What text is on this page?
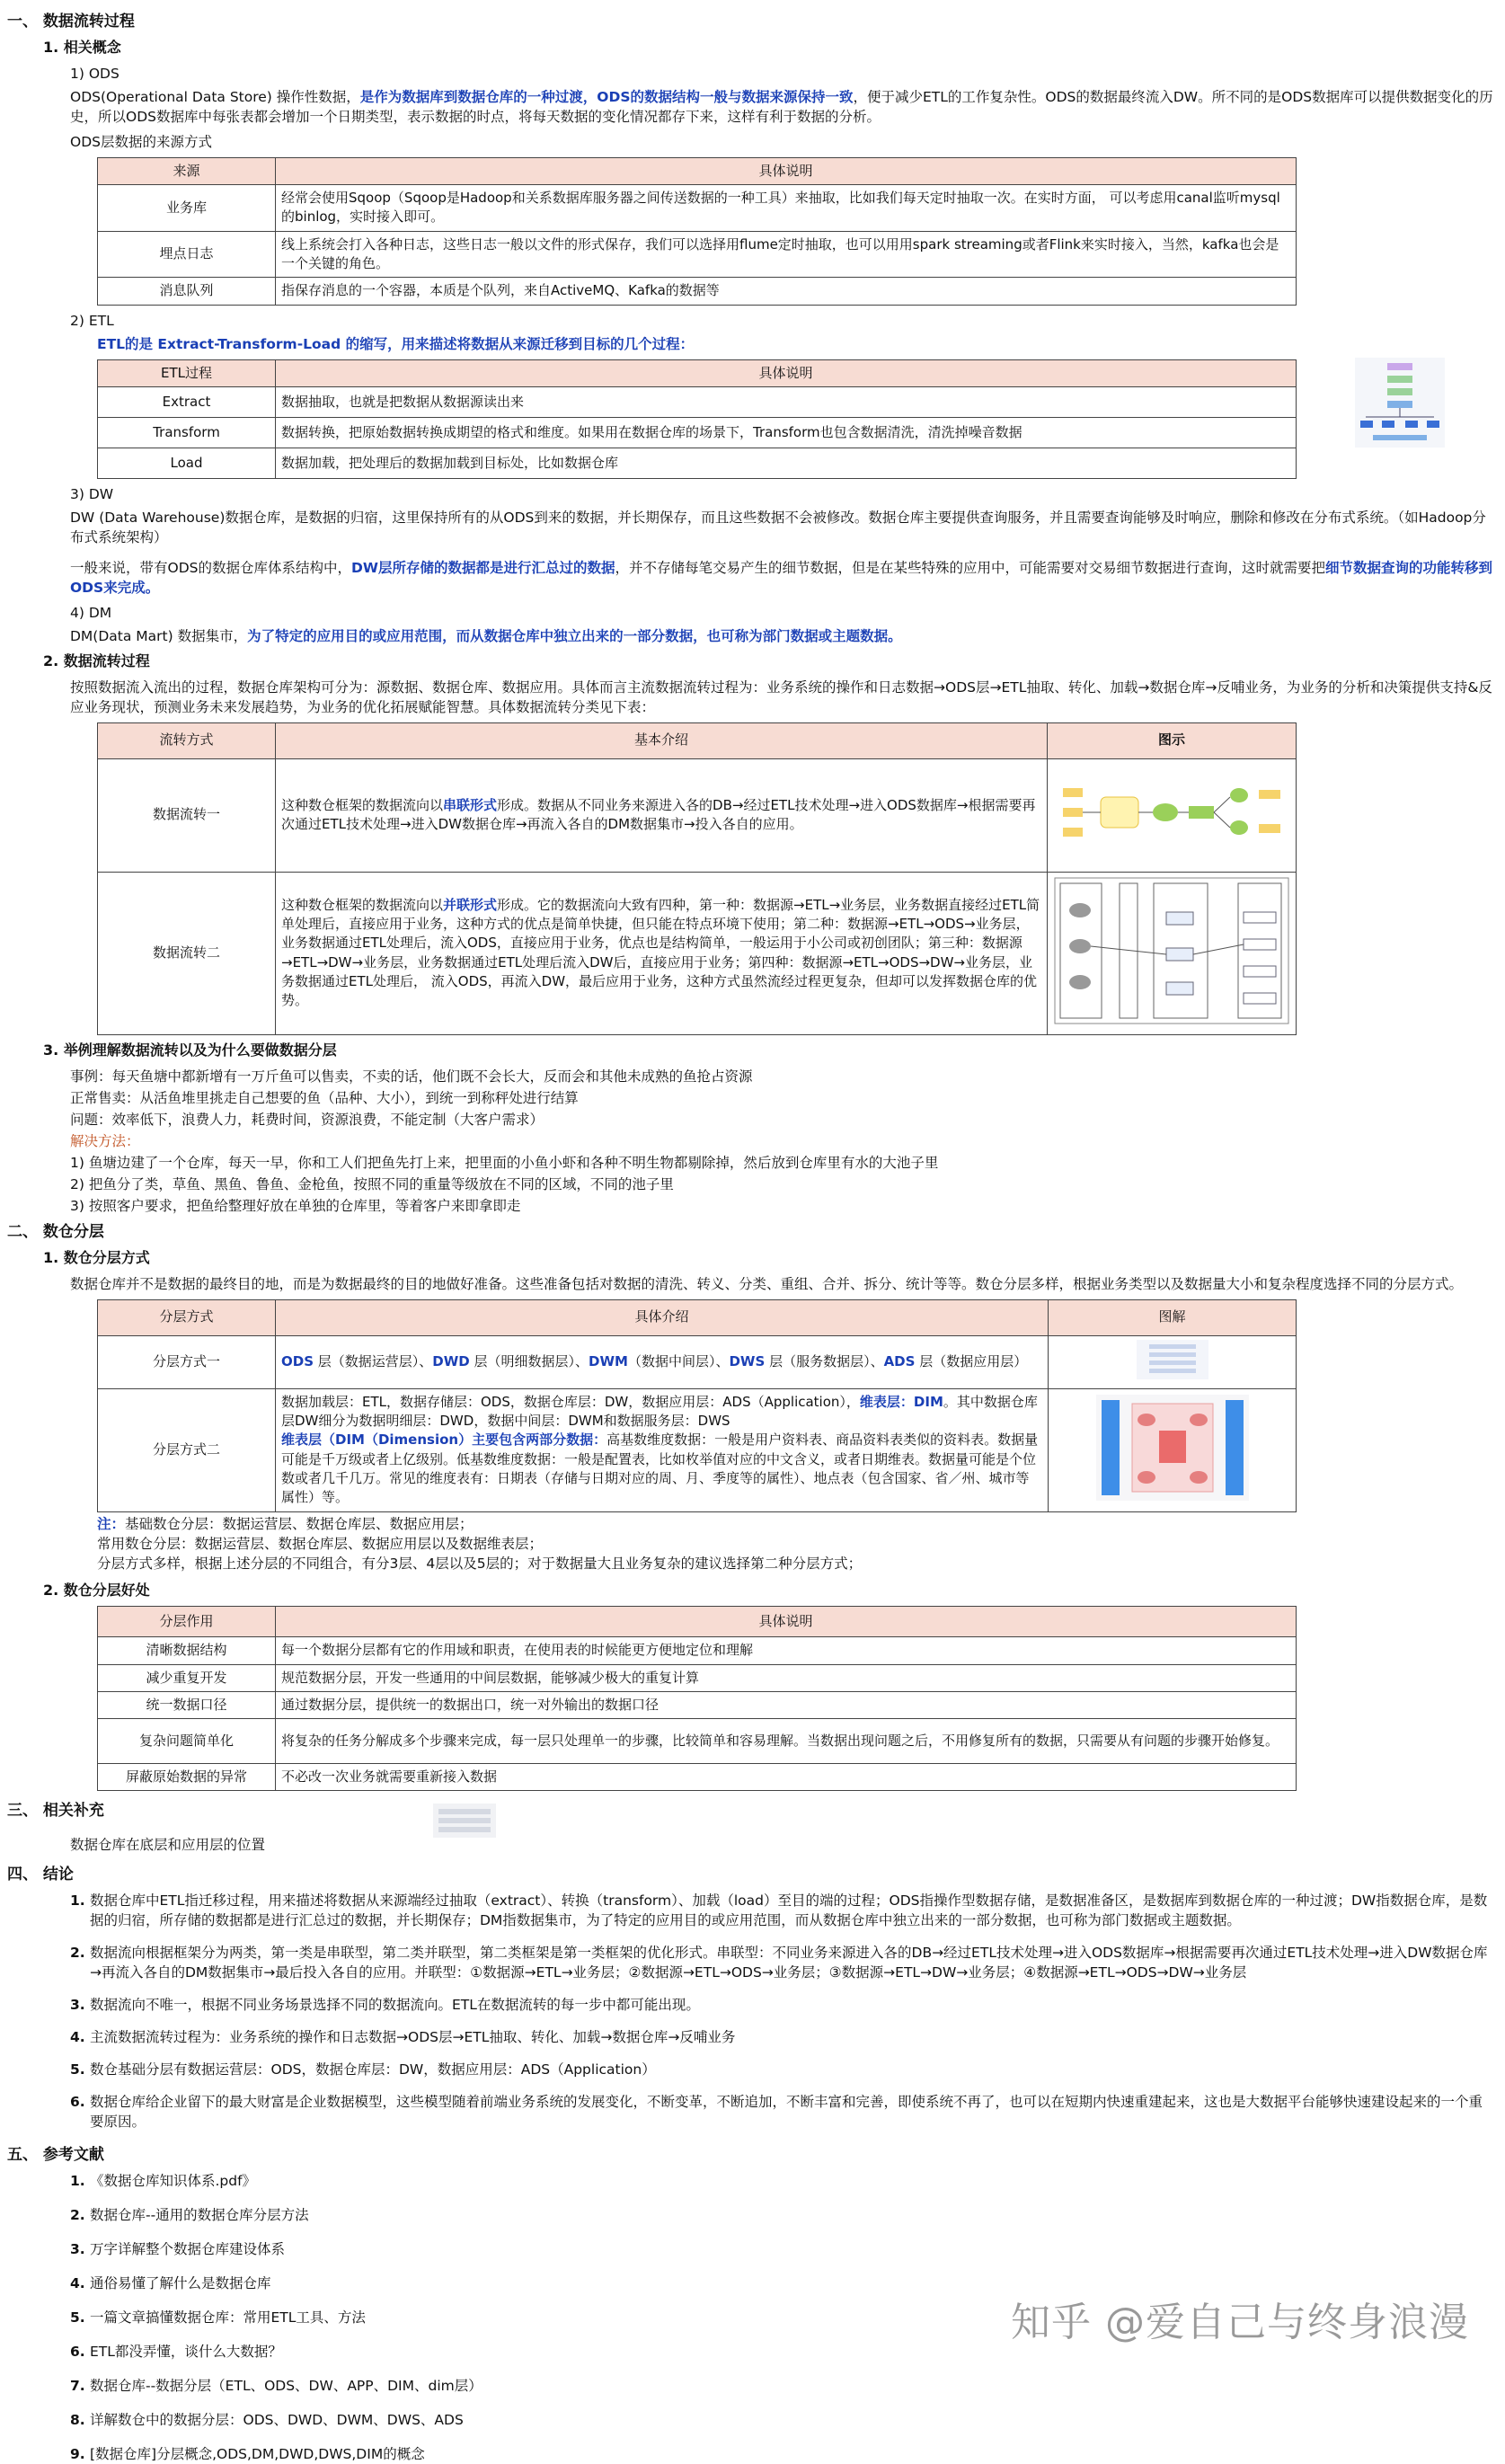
一、 数据流转过程
1. 相关概念
1) ODS
ODS(Operational Data Store) 操作性数据，是作为数据库到数据仓库的一种过渡，ODS的数据结构一般与数据来源保持一致，便于减少ETL的工作复杂性。ODS的数据最终流入DW。所不同的是ODS数据库可以提供数据变化的历史，所以ODS数据库中每张表都会增加一个日期类型，表示数据的时点，将每天数据的变化情况都存下来，这样有利于数据的分析。
ODS层数据的来源方式
来源	具体说明
业务库	经常会使用Sqoop（Sqoop是Hadoop和关系数据库服务器之间传送数据的一种工具）来抽取，比如我们每天定时抽取一次。在实时方面， 可以考虑用canal监听mysql的binlog，实时接入即可。
埋点日志	线上系统会打入各种日志，这些日志一般以文件的形式保存，我们可以选择用flume定时抽取，也可以用用spark streaming或者Flink来实时接入，当然，kafka也会是一个关键的角色。
消息队列	指保存消息的一个容器，本质是个队列，来自ActiveMQ、Kafka的数据等
2) ETL
ETL的是 Extract-Transform-Load 的缩写，用来描述将数据从来源迁移到目标的几个过程：
ETL过程	具体说明
Extract	数据抽取，也就是把数据从数据源读出来
Transform	数据转换，把原始数据转换成期望的格式和维度。如果用在数据仓库的场景下，Transform也包含数据清洗，清洗掉噪音数据
Load	数据加载，把处理后的数据加载到目标处，比如数据仓库
3) DW
DW (Data Warehouse)数据仓库，是数据的归宿，这里保持所有的从ODS到来的数据，并长期保存，而且这些数据不会被修改。数据仓库主要提供查询服务，并且需要查询能够及时响应，删除和修改在分布式系统。（如Hadoop分布式系统架构）
一般来说，带有ODS的数据仓库体系结构中，DW层所存储的数据都是进行汇总过的数据，并不存储每笔交易产生的细节数据，但是在某些特殊的应用中，可能需要对交易细节数据进行查询，这时就需要把细节数据查询的功能转移到ODS来完成。
4) DM
DM(Data Mart) 数据集市，为了特定的应用目的或应用范围，而从数据仓库中独立出来的一部分数据，也可称为部门数据或主题数据。
2. 数据流转过程
按照数据流入流出的过程，数据仓库架构可分为：源数据、数据仓库、数据应用。具体而言主流数据流转过程为：业务系统的操作和日志数据→ODS层→ETL抽取、转化、加载→数据仓库→反哺业务，为业务的分析和决策提供支持&反应业务现状，预测业务未来发展趋势，为业务的优化拓展赋能智慧。具体数据流转分类见下表：
流转方式	基本介绍	图示
数据流转一	这种数仓框架的数据流向以串联形式形成。数据从不同业务来源进入各的DB→经过ETL技术处理→进入ODS数据库→根据需要再次通过ETL技术处理→进入DW数据仓库→再流入各自的DM数据集市→投入各自的应用。	
数据流转二	这种数仓框架的数据流向以并联形式形成。它的数据流向大致有四种，第一种：数据源→ETL→业务层，业务数据直接经过ETL简单处理后，直接应用于业务，这种方式的优点是简单快捷，但只能在特点环境下使用；第二种：数据源→ETL→ODS→业务层，业务数据通过ETL处理后，流入ODS，直接应用于业务，优点也是结构简单，一般运用于小公司或初创团队；第三种：数据源→ETL→DW→业务层，业务数据通过ETL处理后流入DW后，直接应用于业务；第四种：数据源→ETL→ODS→DW→业务层，业务数据通过ETL处理后， 流入ODS，再流入DW，最后应用于业务，这种方式虽然流经过程更复杂，但却可以发挥数据仓库的优势。	
3. 举例理解数据流转以及为什么要做数据分层
事例：每天鱼塘中都新增有一万斤鱼可以售卖，不卖的话，他们既不会长大，反而会和其他未成熟的鱼抢占资源
正常售卖：从活鱼堆里挑走自己想要的鱼（品种、大小），到统一到称秤处进行结算
问题：效率低下，浪费人力，耗费时间，资源浪费，不能定制（大客户需求）
解决方法：
1) 鱼塘边建了一个仓库，每天一早，你和工人们把鱼先打上来，把里面的小鱼小虾和各种不明生物都剔除掉，然后放到仓库里有水的大池子里
2) 把鱼分了类，草鱼、黑鱼、鲁鱼、金枪鱼，按照不同的重量等级放在不同的区域，不同的池子里
3) 按照客户要求，把鱼给整理好放在单独的仓库里，等着客户来即拿即走
二、 数仓分层
1. 数仓分层方式
数据仓库并不是数据的最终目的地，而是为数据最终的目的地做好准备。这些准备包括对数据的清洗、转义、分类、重组、合并、拆分、统计等等。数仓分层多样，根据业务类型以及数据量大小和复杂程度选择不同的分层方式。
分层方式	具体介绍	图解
分层方式一	ODS 层（数据运营层）、DWD 层（明细数据层）、DWM（数据中间层）、DWS 层（服务数据层）、ADS 层（数据应用层）	
分层方式二	数据加载层：ETL，数据存储层：ODS，数据仓库层：DW，数据应用层：ADS（Application），维表层：DIM。其中数据仓库层DW细分为数据明细层：DWD，数据中间层：DWM和数据服务层：DWS
维表层（DIM（Dimension）主要包含两部分数据：高基数维度数据：一般是用户资料表、商品资料表类似的资料表。数据量可能是千万级或者上亿级别。低基数维度数据：一般是配置表，比如枚举值对应的中文含义，或者日期维表。数据量可能是个位数或者几千几万。常见的维度表有：日期表（存储与日期对应的周、月、季度等的属性）、地点表（包含国家、省／州、城市等属性）等。	
注：基础数仓分层：数据运营层、数据仓库层、数据应用层；
常用数仓分层：数据运营层、数据仓库层、数据应用层以及数据维表层；
分层方式多样，根据上述分层的不同组合，有分3层、4层以及5层的；对于数据量大且业务复杂的建议选择第二种分层方式；
2. 数仓分层好处
分层作用	具体说明
清晰数据结构	每一个数据分层都有它的作用域和职责，在使用表的时候能更方便地定位和理解
减少重复开发	规范数据分层，开发一些通用的中间层数据，能够减少极大的重复计算
统一数据口径	通过数据分层，提供统一的数据出口，统一对外输出的数据口径
复杂问题简单化	将复杂的任务分解成多个步骤来完成，每一层只处理单一的步骤，比较简单和容易理解。当数据出现问题之后，不用修复所有的数据，只需要从有问题的步骤开始修复。
屏蔽原始数据的异常	不必改一次业务就需要重新接入数据
三、 相关补充
数据仓库在底层和应用层的位置
四、 结论
1. 数据仓库中ETL指迁移过程，用来描述将数据从来源端经过抽取（extract）、转换（transform）、加载（load）至目的端的过程；ODS指操作型数据存储，是数据准备区，是数据库到数据仓库的一种过渡；DW指数据仓库，是数据的归宿，所存储的数据都是进行汇总过的数据，并长期保存；DM指数据集市，为了特定的应用目的或应用范围，而从数据仓库中独立出来的一部分数据，也可称为部门数据或主题数据。
2. 数据流向根据框架分为两类，第一类是串联型，第二类并联型，第二类框架是第一类框架的优化形式。串联型：不同业务来源进入各的DB→经过ETL技术处理→进入ODS数据库→根据需要再次通过ETL技术处理→进入DW数据仓库→再流入各自的DM数据集市→最后投入各自的应用。并联型：①数据源→ETL→业务层；②数据源→ETL→ODS→业务层；③数据源→ETL→DW→业务层；④数据源→ETL→ODS→DW→业务层
3. 数据流向不唯一，根据不同业务场景选择不同的数据流向。ETL在数据流转的每一步中都可能出现。
4. 主流数据流转过程为：业务系统的操作和日志数据→ODS层→ETL抽取、转化、加载→数据仓库→反哺业务
5. 数仓基础分层有数据运营层：ODS，数据仓库层：DW，数据应用层：ADS（Application）
6. 数据仓库给企业留下的最大财富是企业数据模型，这些模型随着前端业务系统的发展变化，不断变革，不断追加，不断丰富和完善，即使系统不再了，也可以在短期内快速重建起来，这也是大数据平台能够快速建设起来的一个重要原因。
五、 参考文献
1. 《数据仓库知识体系.pdf》
2. 数据仓库--通用的数据仓库分层方法
3. 万字详解整个数据仓库建设体系
4. 通俗易懂了解什么是数据仓库
5. 一篇文章搞懂数据仓库：常用ETL工具、方法
6. ETL都没弄懂，谈什么大数据？
7. 数据仓库--数据分层（ETL、ODS、DW、APP、DIM、dim层）
8. 详解数仓中的数据分层：ODS、DWD、DWM、DWS、ADS
9. [数据仓库]分层概念,ODS,DM,DWD,DWS,DIM的概念
知乎 @爱自己与终身浪漫
